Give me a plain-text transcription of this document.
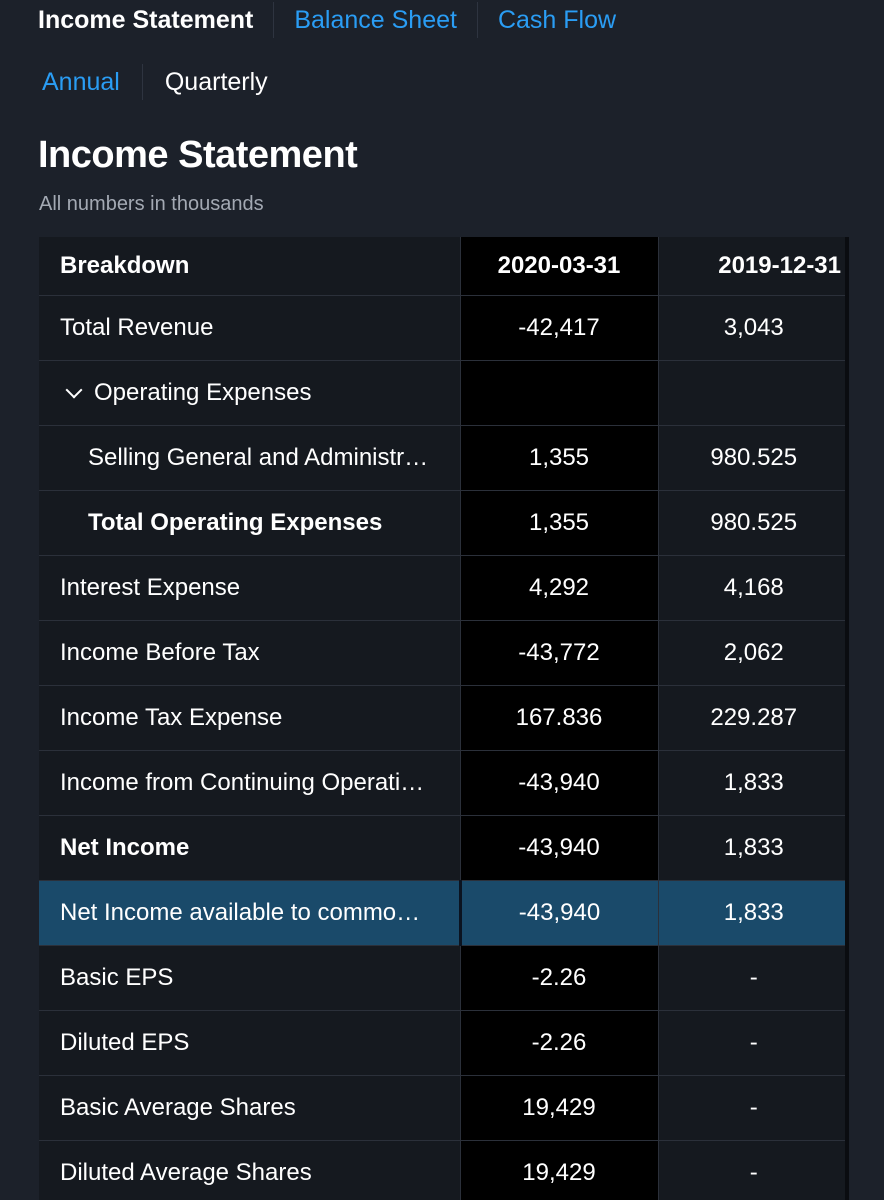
Income Statement	Balance Sheet	Cash Flow
Annual	Quarterly
Income Statement
All numbers in thousands
Breakdown	2020-03-31	2019-12-31
Total Revenue	-42,417	3,043
Operating Expenses		
Selling General and Administr…	1,355	980.525
Total Operating Expenses	1,355	980.525
Interest Expense	4,292	4,168
Income Before Tax	-43,772	2,062
Income Tax Expense	167.836	229.287
Income from Continuing Operati…	-43,940	1,833
Net Income	-43,940	1,833
Net Income available to commo…	-43,940	1,833
Basic EPS	-2.26	-
Diluted EPS	-2.26	-
Basic Average Shares	19,429	-
Diluted Average Shares	19,429	-
